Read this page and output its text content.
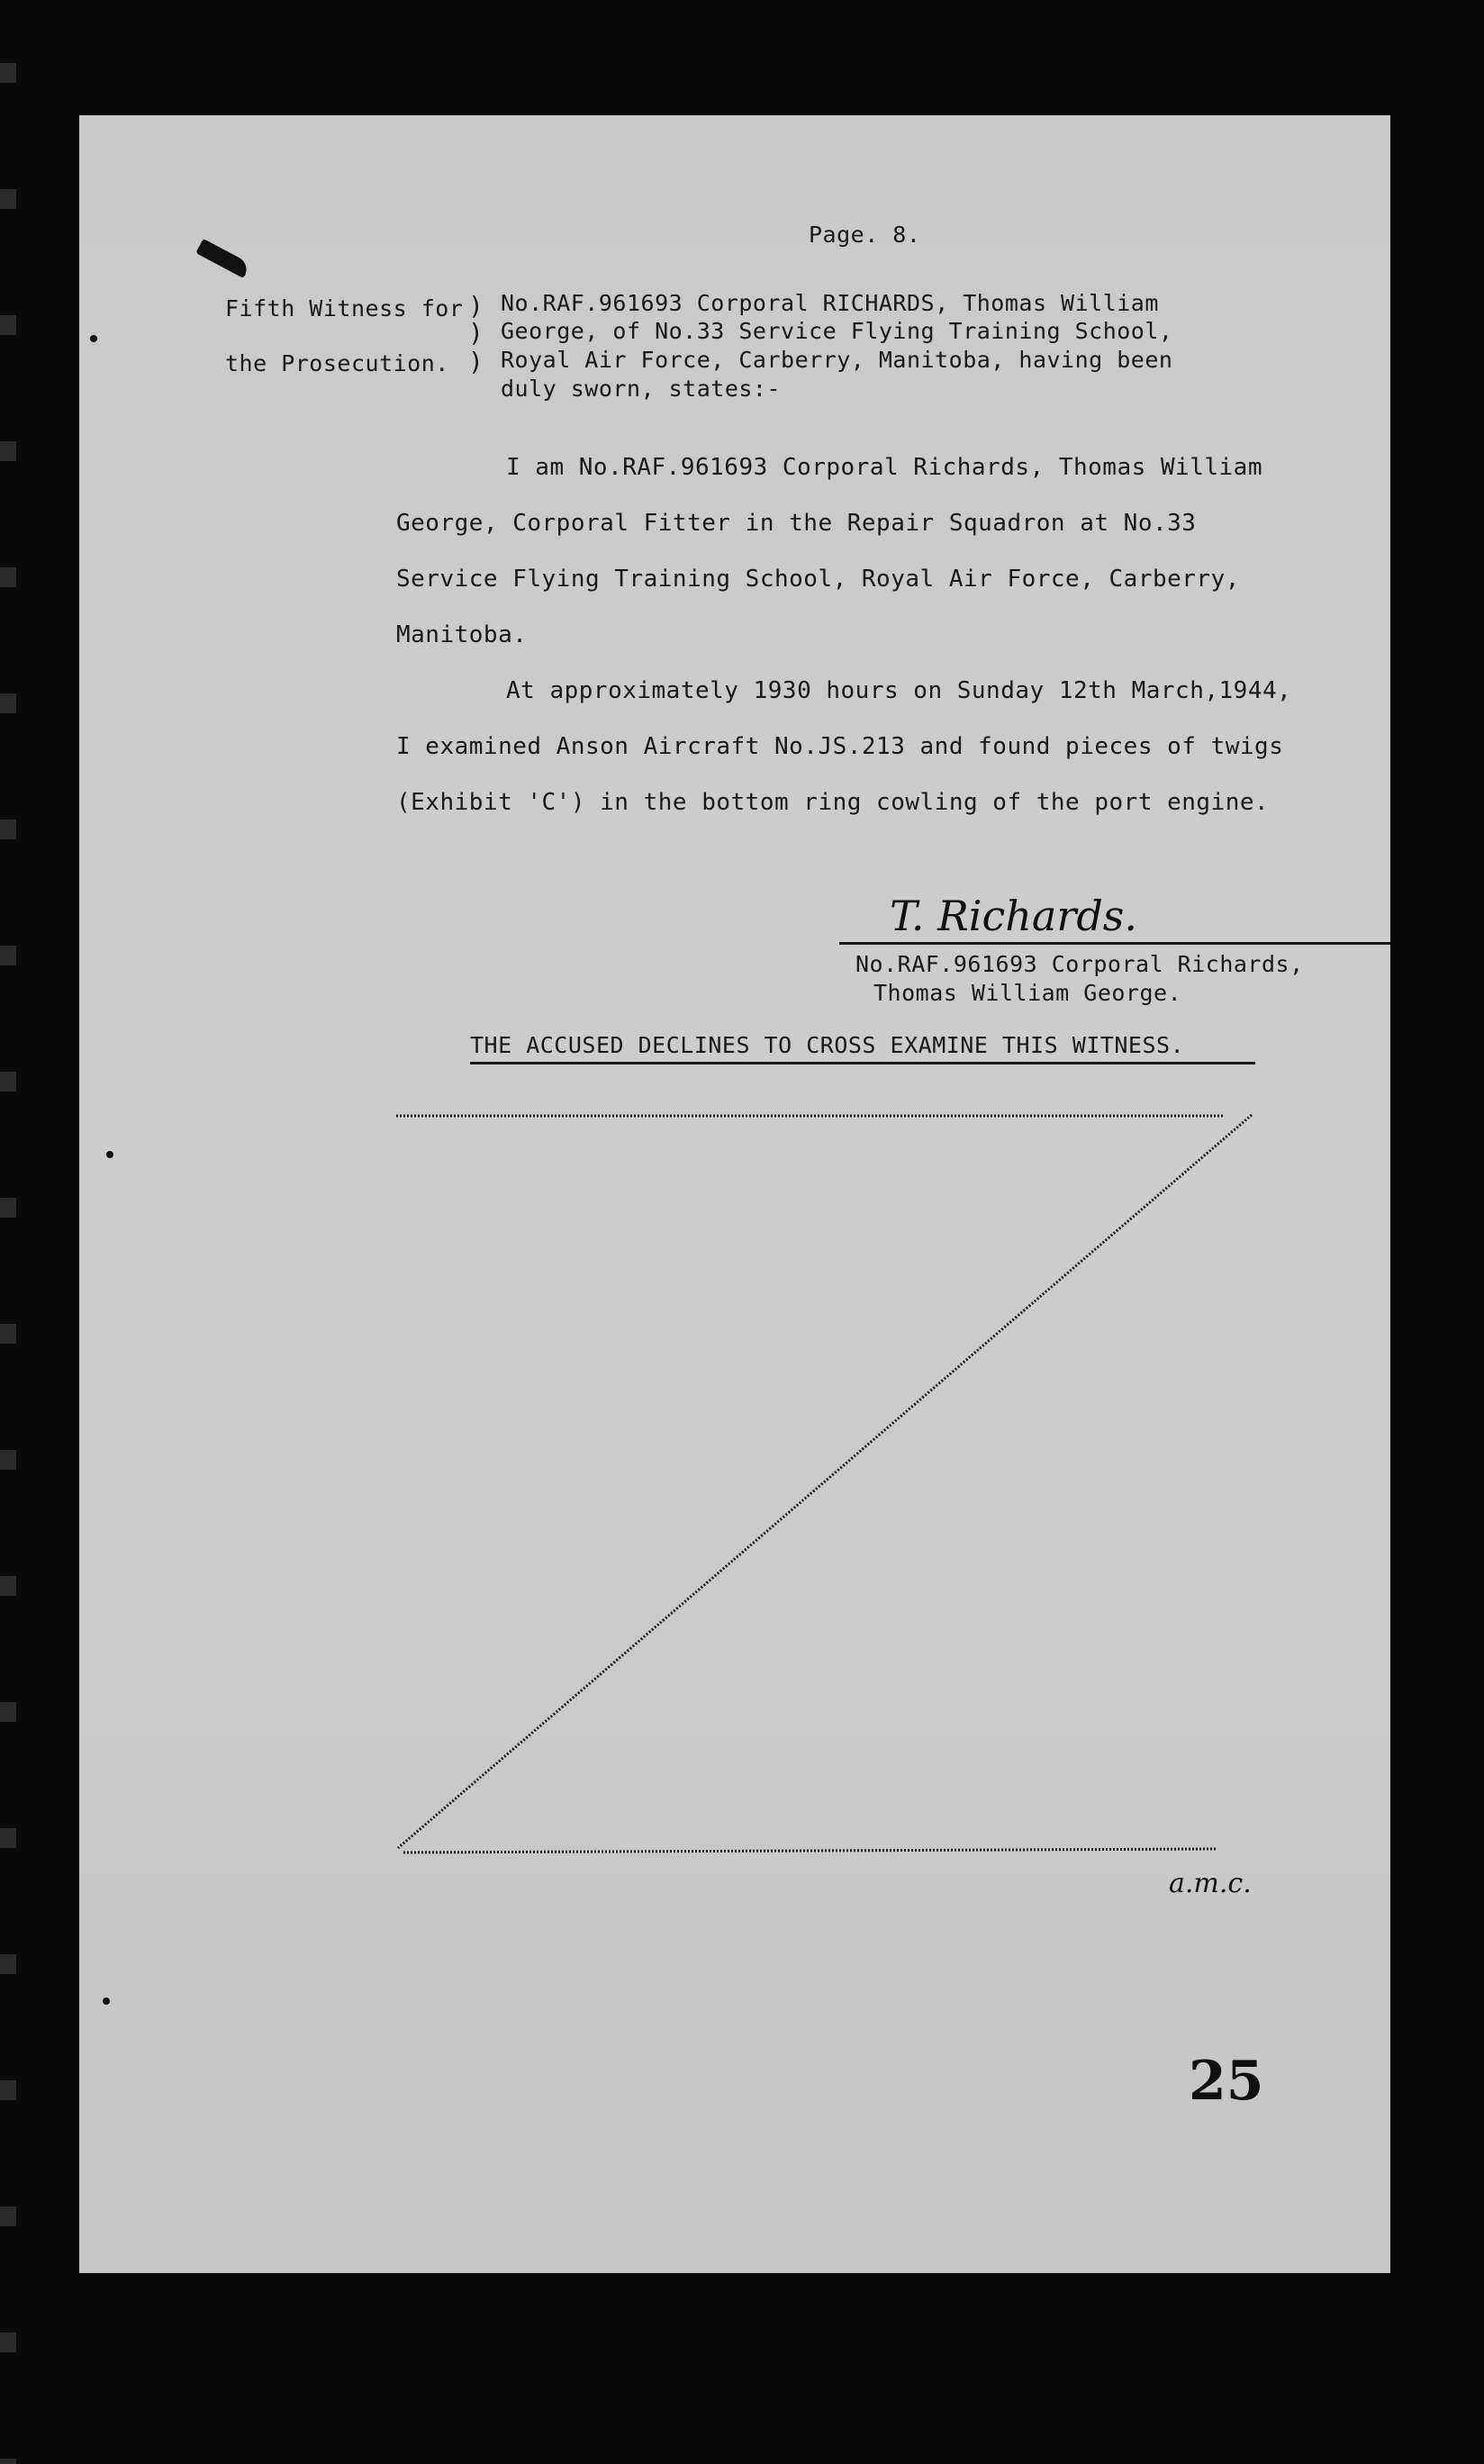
Page. 8.

Fifth Witness for

the Prosecution.

)

)

)

No.RAF.961693 Corporal RICHARDS, Thomas William

George, of No.33 Service Flying Training School,

Royal Air Force, Carberry, Manitoba, having been

duly sworn, states:-

I am No.RAF.961693 Corporal Richards, Thomas William

George, Corporal Fitter in the Repair Squadron at No.33

Service Flying Training School, Royal Air Force, Carberry,

Manitoba.

At approximately 1930 hours on Sunday 12th March,1944,

I examined Anson Aircraft No.JS.213 and found pieces of twigs

(Exhibit 'C') in the bottom ring cowling of the port engine.

T. Richards.

No.RAF.961693 Corporal Richards,

Thomas William George.

THE ACCUSED DECLINES TO CROSS EXAMINE THIS WITNESS.

a.m.c.

25
